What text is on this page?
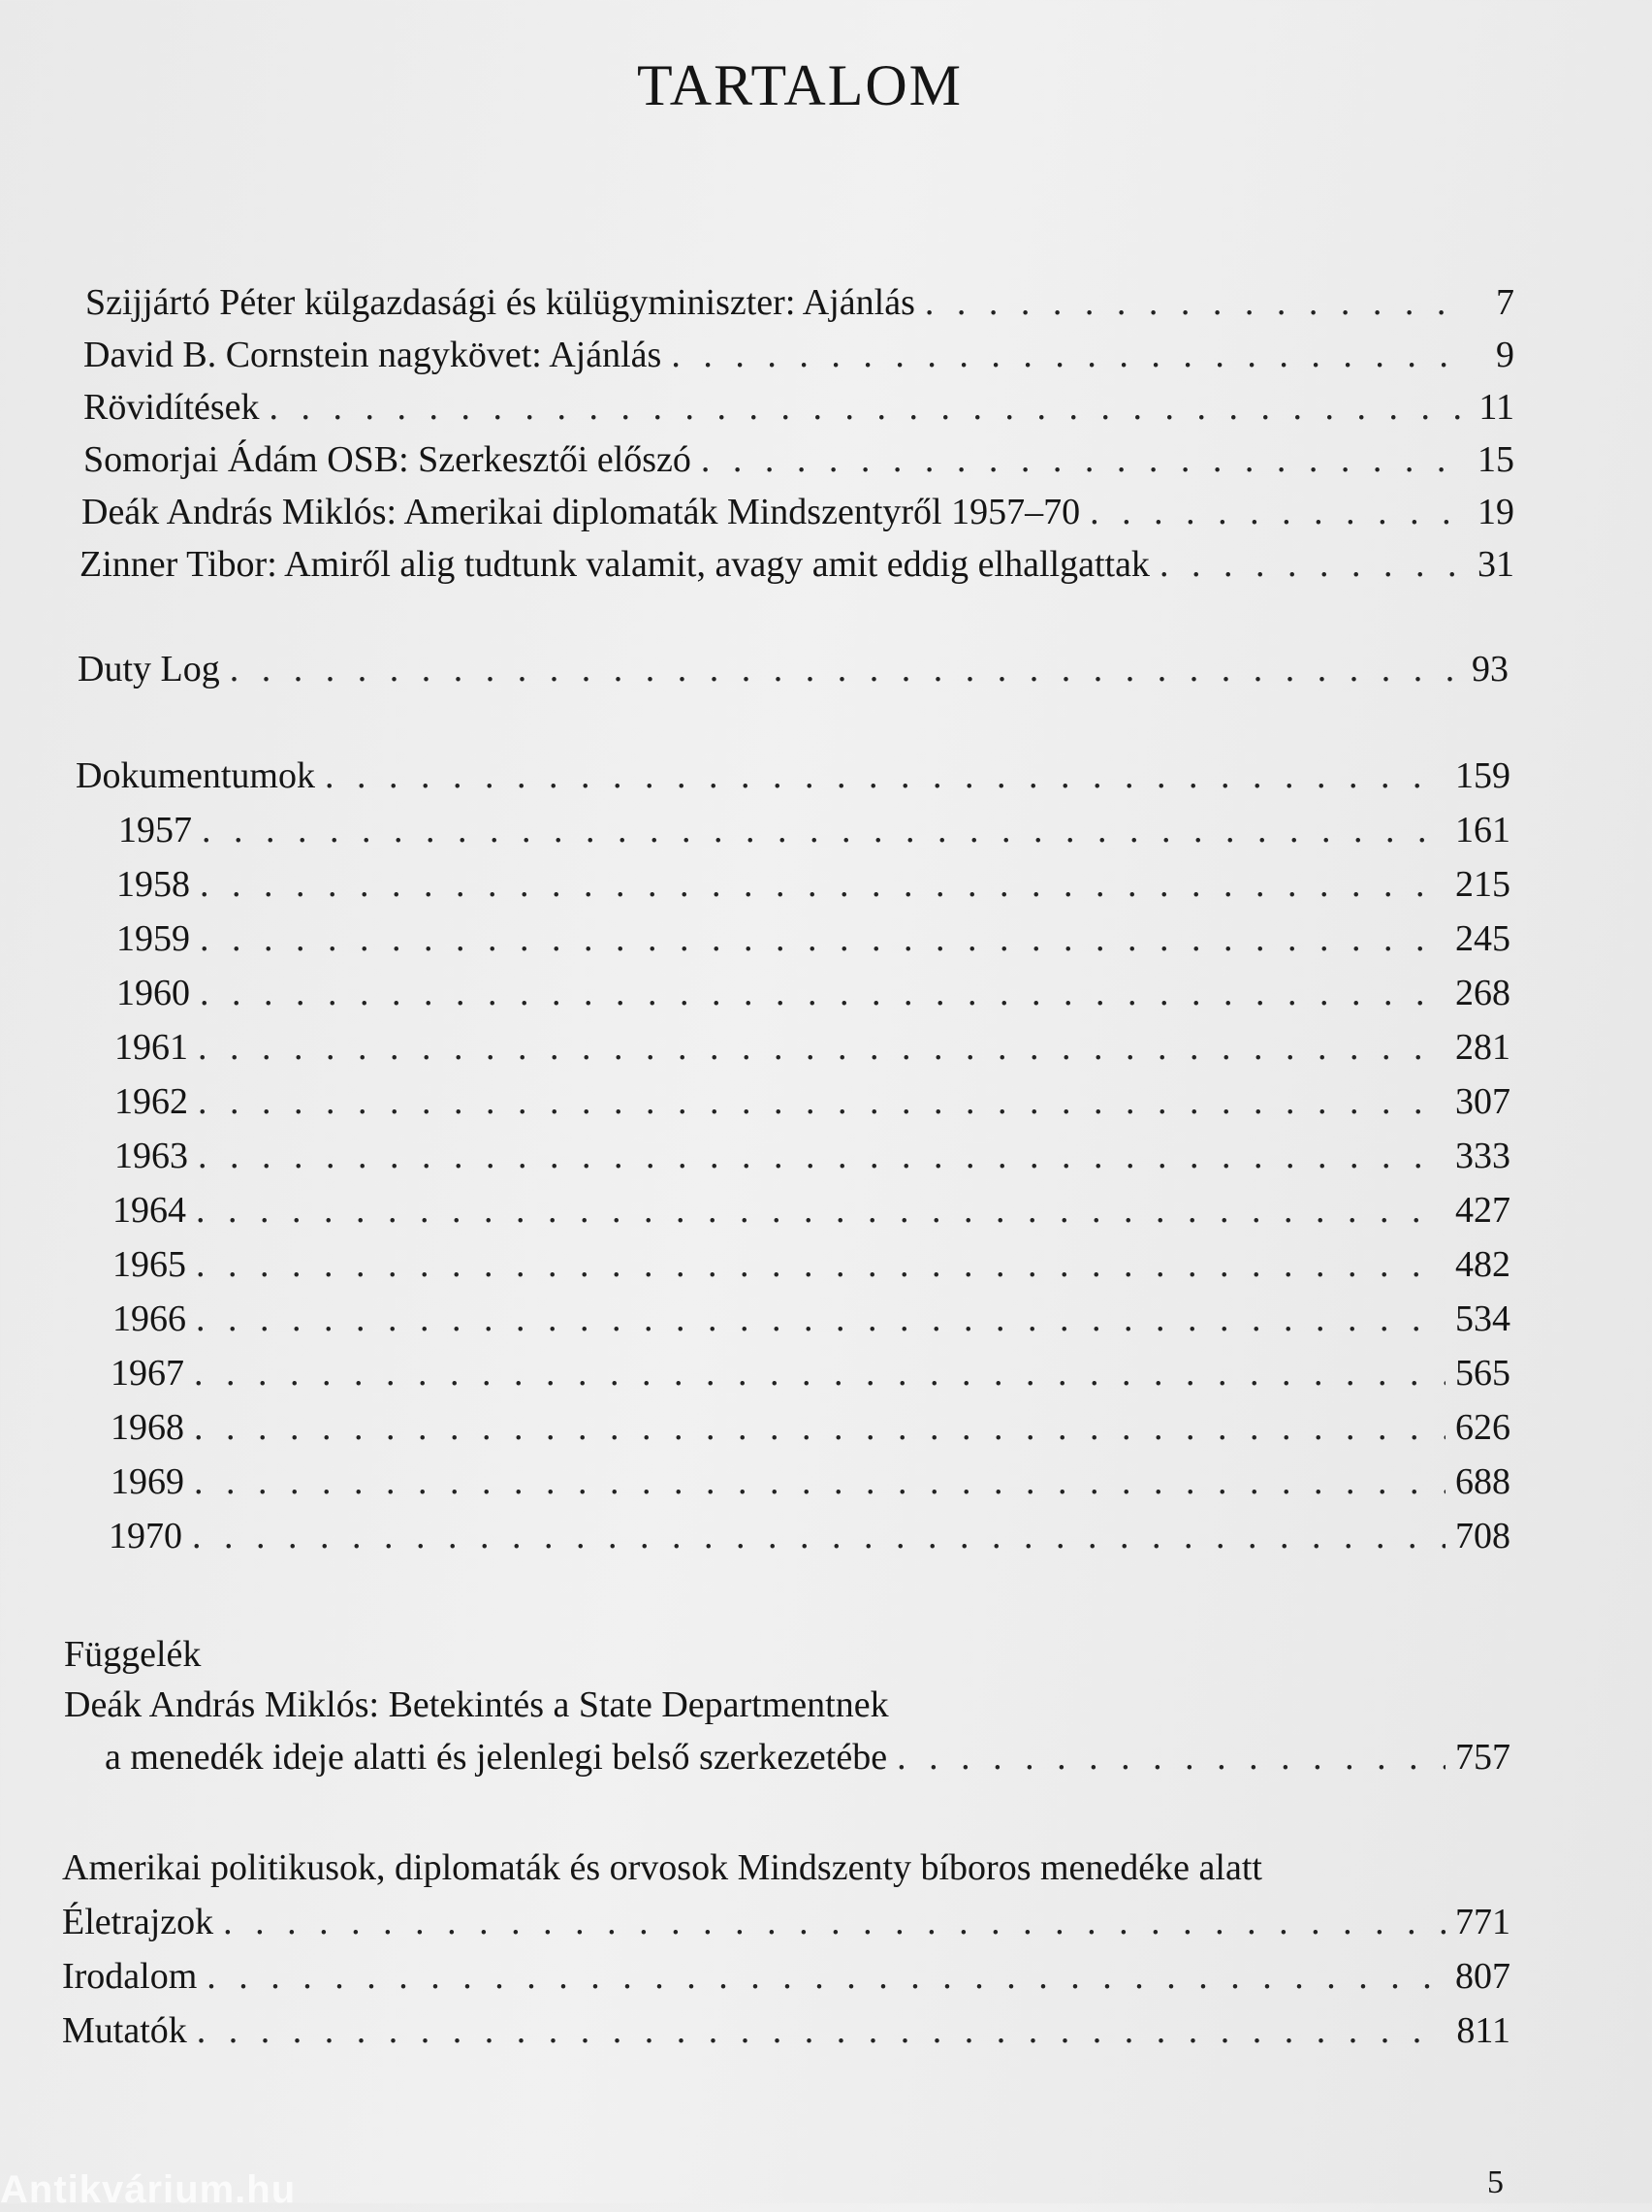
TARTALOM
Szijjártó Péter külgazdasági és külügyminiszter: Ajánlás . . .	7
David B. Cornstein nagykövet: Ajánlás . . .	9
Rövidítések . . .	11
Somorjai Ádám OSB: Szerkesztői előszó . . .	15
Deák András Miklós: Amerikai diplomaták Mindszentyről 1957–70 . . .	19
Zinner Tibor: Amiről alig tudtunk valamit, avagy amit eddig elhallgattak . . .	31
Duty Log . . .	93
Dokumentumok . . .	159
1957 . . .	161
1958 . . .	215
1959 . . .	245
1960 . . .	268
1961 . . .	281
1962 . . .	307
1963 . . .	333
1964 . . .	427
1965 . . .	482
1966 . . .	534
1967 . . .	565
1968 . . .	626
1969 . . .	688
1970 . . .	708
Függelék
Deák András Miklós: Betekintés a State Departmentnek
a menedék ideje alatti és jelenlegi belső szerkezetébe . . .	757
Amerikai politikusok, diplomaták és orvosok Mindszenty bíboros menedéke alatt
Életrajzok . . .	771
Irodalom . . .	807
Mutatók . . .	811
5
Antikvárium.hu
